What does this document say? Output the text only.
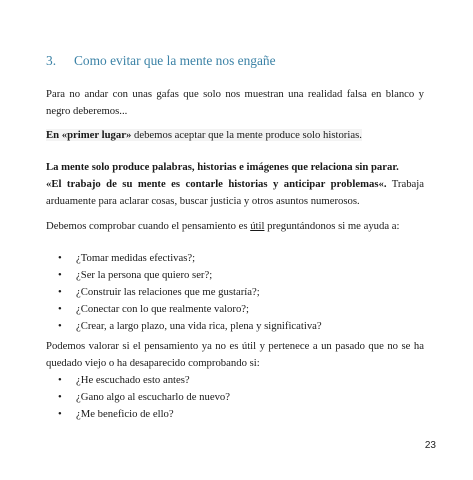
3. Como evitar que la mente nos engañe
Para no andar con unas gafas que solo nos muestran una realidad falsa en blanco y
negro deberemos...
En «primer lugar» debemos aceptar que la mente produce solo historias.
La mente solo produce palabras, historias e imágenes que relaciona sin parar.
«El trabajo de su mente es contarle historias y anticipar problemas«. Trabaja
arduamente para aclarar cosas, buscar justicia y otros asuntos numerosos.
Debemos comprobar cuando el pensamiento es útil preguntándonos si me ayuda a:
• ¿Tomar medidas efectivas?;
• ¿Ser la persona que quiero ser?;
• ¿Construir las relaciones que me gustaría?;
• ¿Conectar con lo que realmente valoro?;
• ¿Crear, a largo plazo, una vida rica, plena y significativa?
Podemos valorar si el pensamiento ya no es útil y pertenece a un pasado que no se ha
quedado viejo o ha desaparecido comprobando si:
• ¿He escuchado esto antes?
• ¿Gano algo al escucharlo de nuevo?
• ¿Me beneficio de ello?
23
